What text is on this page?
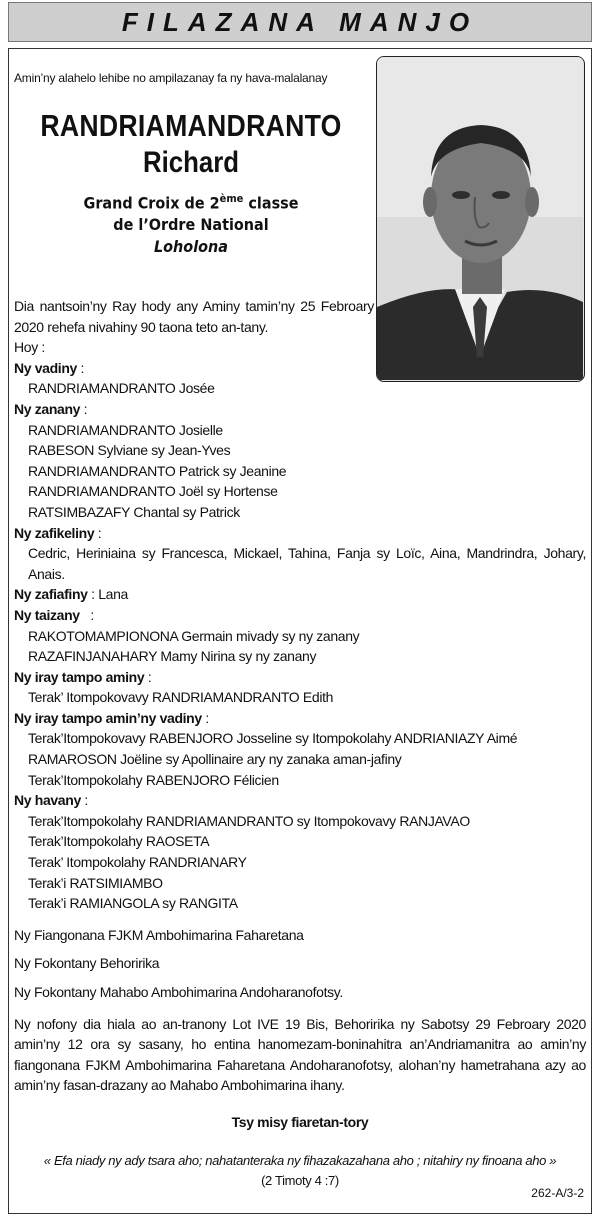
FILAZANA MANJO
Amin’ny alahelo lehibe no ampilazanay fa ny hava-malalanay
RANDRIAMANDRANTO
Richard
Grand Croix de 2ème classe
de l’Ordre National
Loholona

Dia nantsoin’ny Ray hody any Aminy tamin’ny 25 Febroary 2020 rehefa nivahiny 90 taona teto an-tany.

Hoy :

Ny vadiny :

RANDRIAMANDRANTO Josée

Ny zanany :

RANDRIAMANDRANTO Josielle

RABESON Sylviane sy Jean-Yves

RANDRIAMANDRANTO Patrick sy Jeanine

RANDRIAMANDRANTO Joël sy Hortense

RATSIMBAZAFY Chantal sy Patrick

Ny zafikeliny :

Cedric, Heriniaina sy Francesca, Mickael, Tahina, Fanja sy Loïc, Aina, Mandrindra, Johary, Anais.

Ny zafiafiny : Lana

Ny taizany   :

RAKOTOMAMPIONONA Germain mivady sy ny zanany

RAZAFINJANAHARY Mamy Nirina sy ny zanany

Ny iray tampo aminy :

Terak’ Itompokovavy RANDRIAMANDRANTO Edith

Ny iray tampo amin’ny vadiny :

Terak’Itompokovavy RABENJORO Josseline sy Itompokolahy ANDRIANIAZY Aimé

RAMAROSON Joëline sy Apollinaire ary ny zanaka aman-jafiny

Terak’Itompokolahy RABENJORO Félicien

Ny havany :

Terak’Itompokolahy RANDRIAMANDRANTO sy Itompokovavy RANJAVAO

Terak’Itompokolahy RAOSETA

Terak’ Itompokolahy RANDRIANARY

Terak’i RATSIMIAMBO

Terak’i RAMIANGOLA sy RANGITA

Ny Fiangonana FJKM Ambohimarina Faharetana

Ny Fokontany Behoririka

Ny Fokontany Mahabo Ambohimarina Andoharanofotsy.

Ny nofony dia hiala ao an-tranony Lot IVE 19 Bis, Behoririka ny Sabotsy 29 Febroary 2020 amin’ny 12 ora sy sasany, ho entina hanomezam-boninahitra an’Andriamanitra ao amin’ny fiangonana FJKM Ambohimarina Faharetana Andoharanofotsy, alohan’ny hametrahana azy ao amin’ny fasan-drazany ao Mahabo Ambohimarina ihany.

Tsy misy fiaretan-tory

« Efa niady ny ady tsara aho; nahatanteraka ny fihazakazahana aho ; nitahiry ny finoana aho »

(2 Timoty 4 :7)

262-A/3-2
